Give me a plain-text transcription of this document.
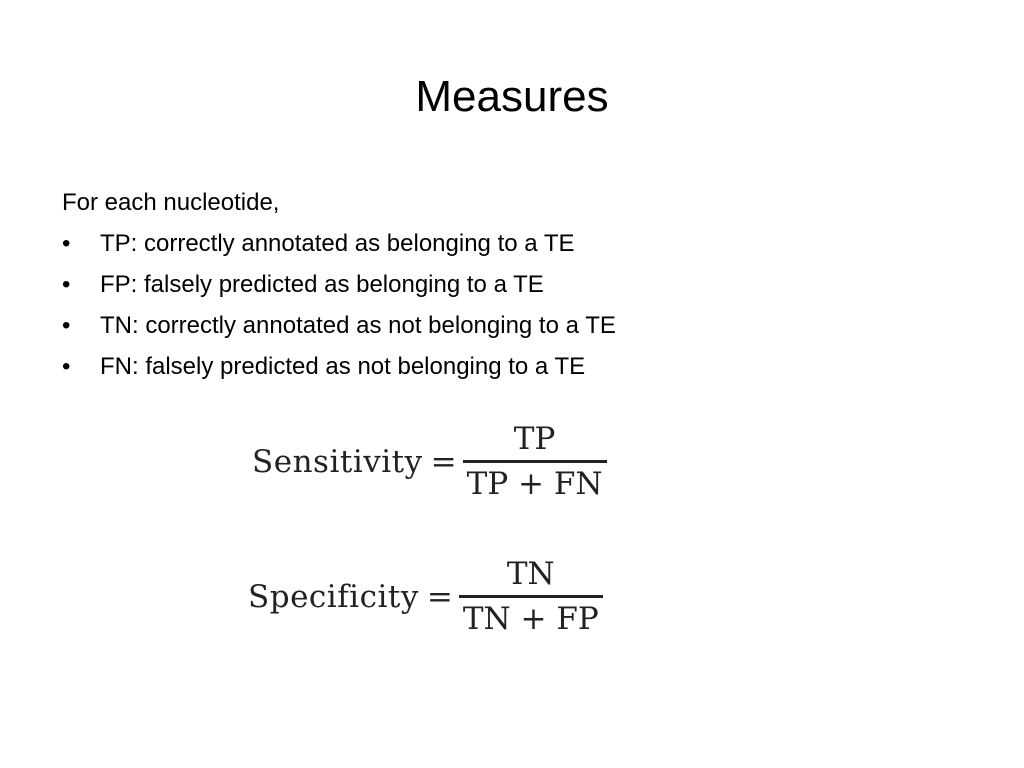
Measures
For each nucleotide,
•	TP: correctly annotated as belonging to a TE
•	FP: falsely predicted as belonging to a TE
•	TN: correctly annotated as not belonging to a TE
•	FN: falsely predicted as not belonging to a TE
Sensitivity = $\frac{TP}{TP + FN}$
Specificity = $\frac{TN}{TN + FP}$
